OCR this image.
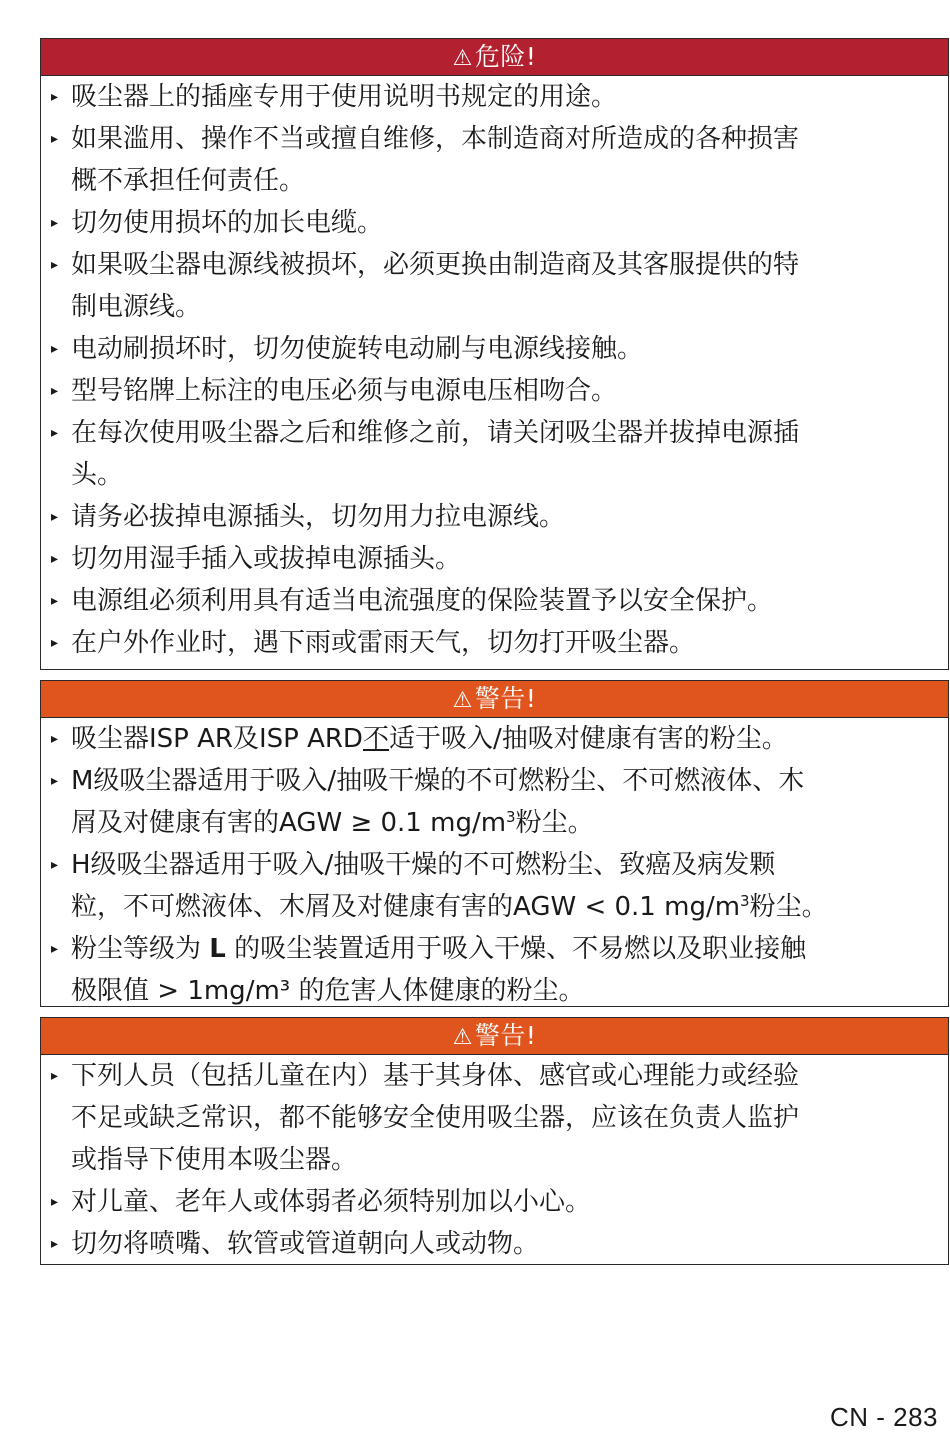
⚠危险!
▸ 吸尘器上的插座专用于使用说明书规定的用途。
▸ 如果滥用、操作不当或擅自维修，本制造商对所造成的各种损害
概不承担任何责任。
▸ 切勿使用损坏的加长电缆。
▸ 如果吸尘器电源线被损坏，必须更换由制造商及其客服提供的特
制电源线。
▸ 电动刷损坏时，切勿使旋转电动刷与电源线接触。
▸ 型号铭牌上标注的电压必须与电源电压相吻合。
▸ 在每次使用吸尘器之后和维修之前，请关闭吸尘器并拔掉电源插
头。
▸ 请务必拔掉电源插头，切勿用力拉电源线。
▸ 切勿用湿手插入或拔掉电源插头。
▸ 电源组必须利用具有适当电流强度的保险装置予以安全保护。
▸ 在户外作业时，遇下雨或雷雨天气，切勿打开吸尘器。
⚠警告!
▸ 吸尘器ISP AR及ISP ARD不适于吸入/抽吸对健康有害的粉尘。
▸ M级吸尘器适用于吸入/抽吸干燥的不可燃粉尘、不可燃液体、木
屑及对健康有害的AGW ≥ 0.1 $mg/m^3$粉尘。
▸ H级吸尘器适用于吸入/抽吸干燥的不可燃粉尘、致癌及病发颗
粒，不可燃液体、木屑及对健康有害的AGW < 0.1 $mg/m^3$粉尘。
▸ 粉尘等级为 L 的吸尘装置适用于吸入干燥、不易燃以及职业接触
极限值 > 1mg/m³ 的危害人体健康的粉尘。
⚠警告!
▸ 下列人员（包括儿童在内）基于其身体、感官或心理能力或经验
不足或缺乏常识，都不能够安全使用吸尘器，应该在负责人监护
或指导下使用本吸尘器。
▸ 对儿童、老年人或体弱者必须特别加以小心。
▸ 切勿将喷嘴、软管或管道朝向人或动物。
CN - 283
